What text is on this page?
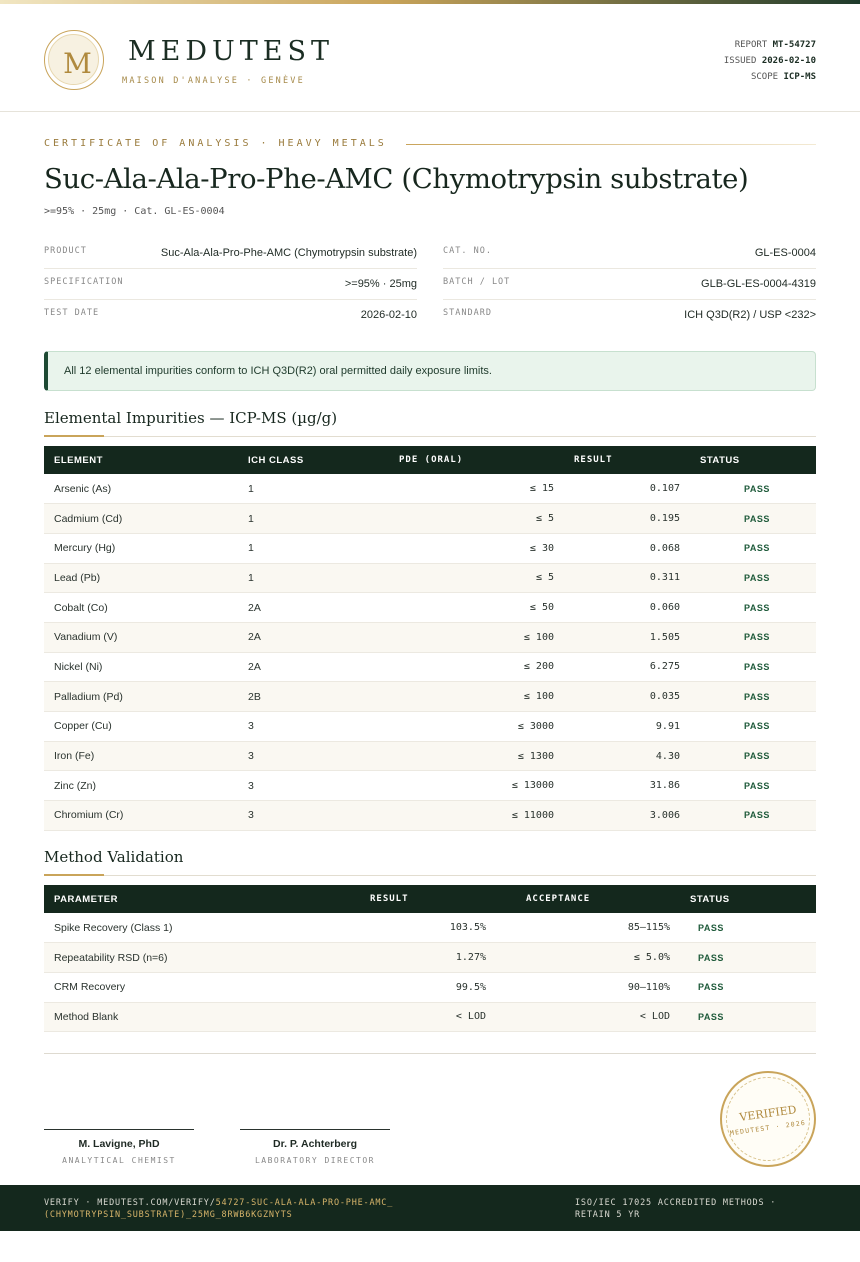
M	MEDUTEST
MAISON D'ANALYSE · GENÈVE
REPORT MT-54727
ISSUED 2026-02-10
SCOPE ICP-MS
CERTIFICATE OF ANALYSIS · HEAVY METALS
Suc-Ala-Ala-Pro-Phe-AMC (Chymotrypsin substrate)
>=95% · 25mg · Cat. GL-ES-0004
PRODUCT	Suc-Ala-Ala-Pro-Phe-AMC (Chymotrypsin substrate)
SPECIFICATION	>=95% · 25mg
TEST DATE	2026-02-10
CAT. NO.	GL-ES-0004
BATCH / LOT	GLB-GL-ES-0004-4319
STANDARD	ICH Q3D(R2) / USP <232>
All 12 elemental impurities conform to ICH Q3D(R2) oral permitted daily exposure limits.
Elemental Impurities — ICP-MS (µg/g)
ELEMENT	ICH CLASS	PDE (ORAL)	RESULT	STATUS
Arsenic (As)	1	≤ 15	0.107	PASS
Cadmium (Cd)	1	≤ 5	0.195	PASS
Mercury (Hg)	1	≤ 30	0.068	PASS
Lead (Pb)	1	≤ 5	0.311	PASS
Cobalt (Co)	2A	≤ 50	0.060	PASS
Vanadium (V)	2A	≤ 100	1.505	PASS
Nickel (Ni)	2A	≤ 200	6.275	PASS
Palladium (Pd)	2B	≤ 100	0.035	PASS
Copper (Cu)	3	≤ 3000	9.91	PASS
Iron (Fe)	3	≤ 1300	4.30	PASS
Zinc (Zn)	3	≤ 13000	31.86	PASS
Chromium (Cr)	3	≤ 11000	3.006	PASS
Method Validation
PARAMETER	RESULT	ACCEPTANCE	STATUS
Spike Recovery (Class 1)	103.5%	85–115%	PASS
Repeatability RSD (n=6)	1.27%	≤ 5.0%	PASS
CRM Recovery	99.5%	90–110%	PASS
Method Blank	< LOD	< LOD	PASS
M. Lavigne, PhD
ANALYTICAL CHEMIST
Dr. P. Achterberg
LABORATORY DIRECTOR
VERIFIED
MEDUTEST · 2026
VERIFY · MEDUTEST.COM/VERIFY/54727-SUC-ALA-ALA-PRO-PHE-AMC_(CHYMOTRYPSIN_SUBSTRATE)_25MG_8RWB6KGZNYTS
ISO/IEC 17025 ACCREDITED METHODS · RETAIN 5 YR
